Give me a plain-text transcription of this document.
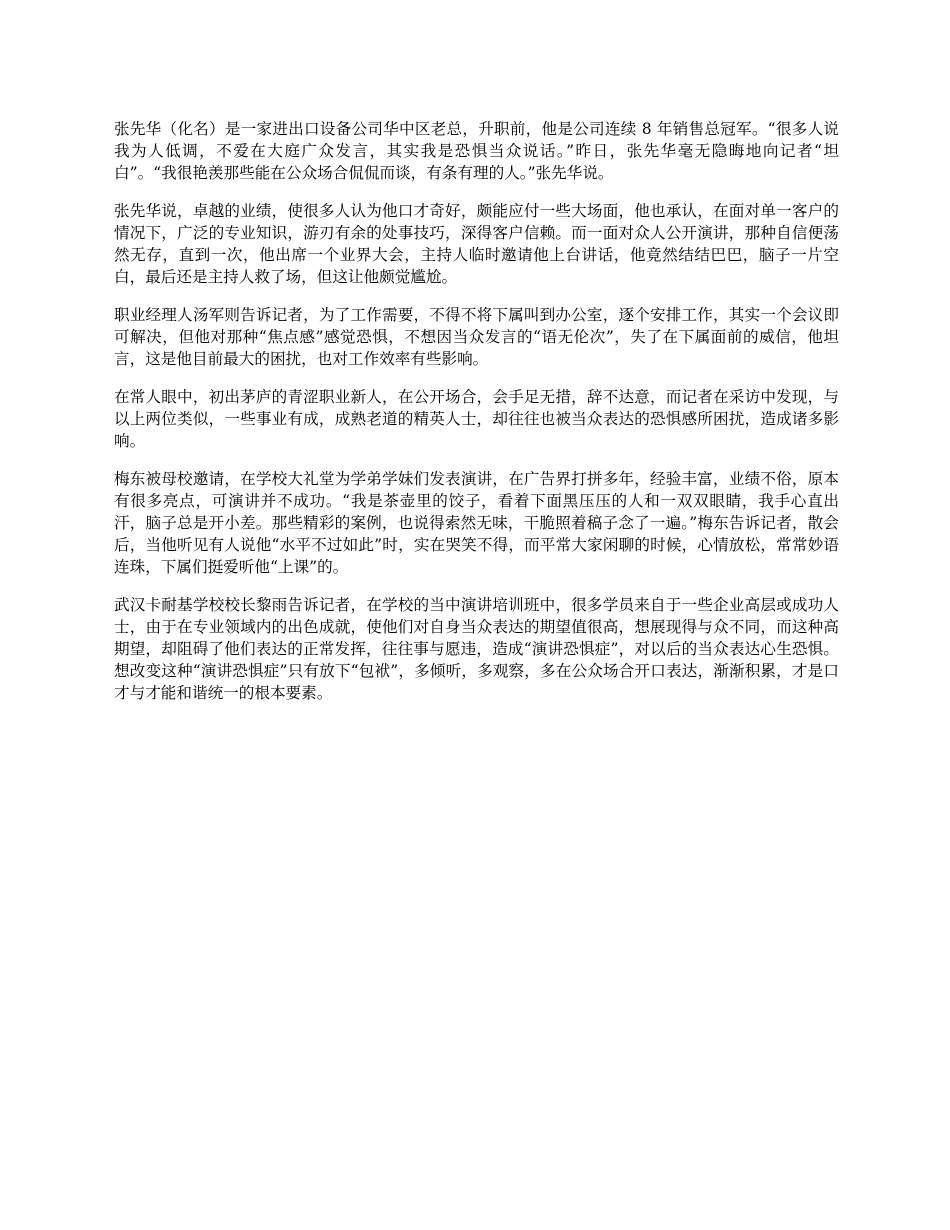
张先华（化名）是一家进出口设备公司华中区老总，升职前，他是公司连续 8 年销售总冠军。“很多人说我为人低调，不爱在大庭广众发言，其实我是恐惧当众说话。”昨日，张先华毫无隐晦地向记者“坦白”。“我很艳羡那些能在公众场合侃侃而谈，有条有理的人。”张先华说。

张先华说，卓越的业绩，使很多人认为他口才奇好，颇能应付一些大场面，他也承认，在面对单一客户的情况下，广泛的专业知识，游刃有余的处事技巧，深得客户信赖。而一面对众人公开演讲，那种自信便荡然无存，直到一次，他出席一个业界大会，主持人临时邀请他上台讲话，他竟然结结巴巴，脑子一片空白，最后还是主持人救了场，但这让他颇觉尴尬。

职业经理人汤军则告诉记者，为了工作需要，不得不将下属叫到办公室，逐个安排工作，其实一个会议即可解决，但他对那种“焦点感”感觉恐惧，不想因当众发言的“语无伦次”，失了在下属面前的威信，他坦言，这是他目前最大的困扰，也对工作效率有些影响。

在常人眼中，初出茅庐的青涩职业新人，在公开场合，会手足无措，辞不达意，而记者在采访中发现，与以上两位类似，一些事业有成，成熟老道的精英人士，却往往也被当众表达的恐惧感所困扰，造成诸多影响。

梅东被母校邀请，在学校大礼堂为学弟学妹们发表演讲，在广告界打拼多年，经验丰富，业绩不俗，原本有很多亮点，可演讲并不成功。“我是茶壶里的饺子，看着下面黑压压的人和一双双眼睛，我手心直出汗，脑子总是开小差。那些精彩的案例，也说得索然无味，干脆照着稿子念了一遍。”梅东告诉记者，散会后，当他听见有人说他“水平不过如此”时，实在哭笑不得，而平常大家闲聊的时候，心情放松，常常妙语连珠，下属们挺爱听他“上课”的。

武汉卡耐基学校校长黎雨告诉记者，在学校的当中演讲培训班中，很多学员来自于一些企业高层或成功人士，由于在专业领域内的出色成就，使他们对自身当众表达的期望值很高，想展现得与众不同，而这种高期望，却阻碍了他们表达的正常发挥，往往事与愿违，造成“演讲恐惧症”，对以后的当众表达心生恐惧。想改变这种“演讲恐惧症”只有放下“包袱”，多倾听，多观察，多在公众场合开口表达，渐渐积累，才是口才与才能和谐统一的根本要素。
